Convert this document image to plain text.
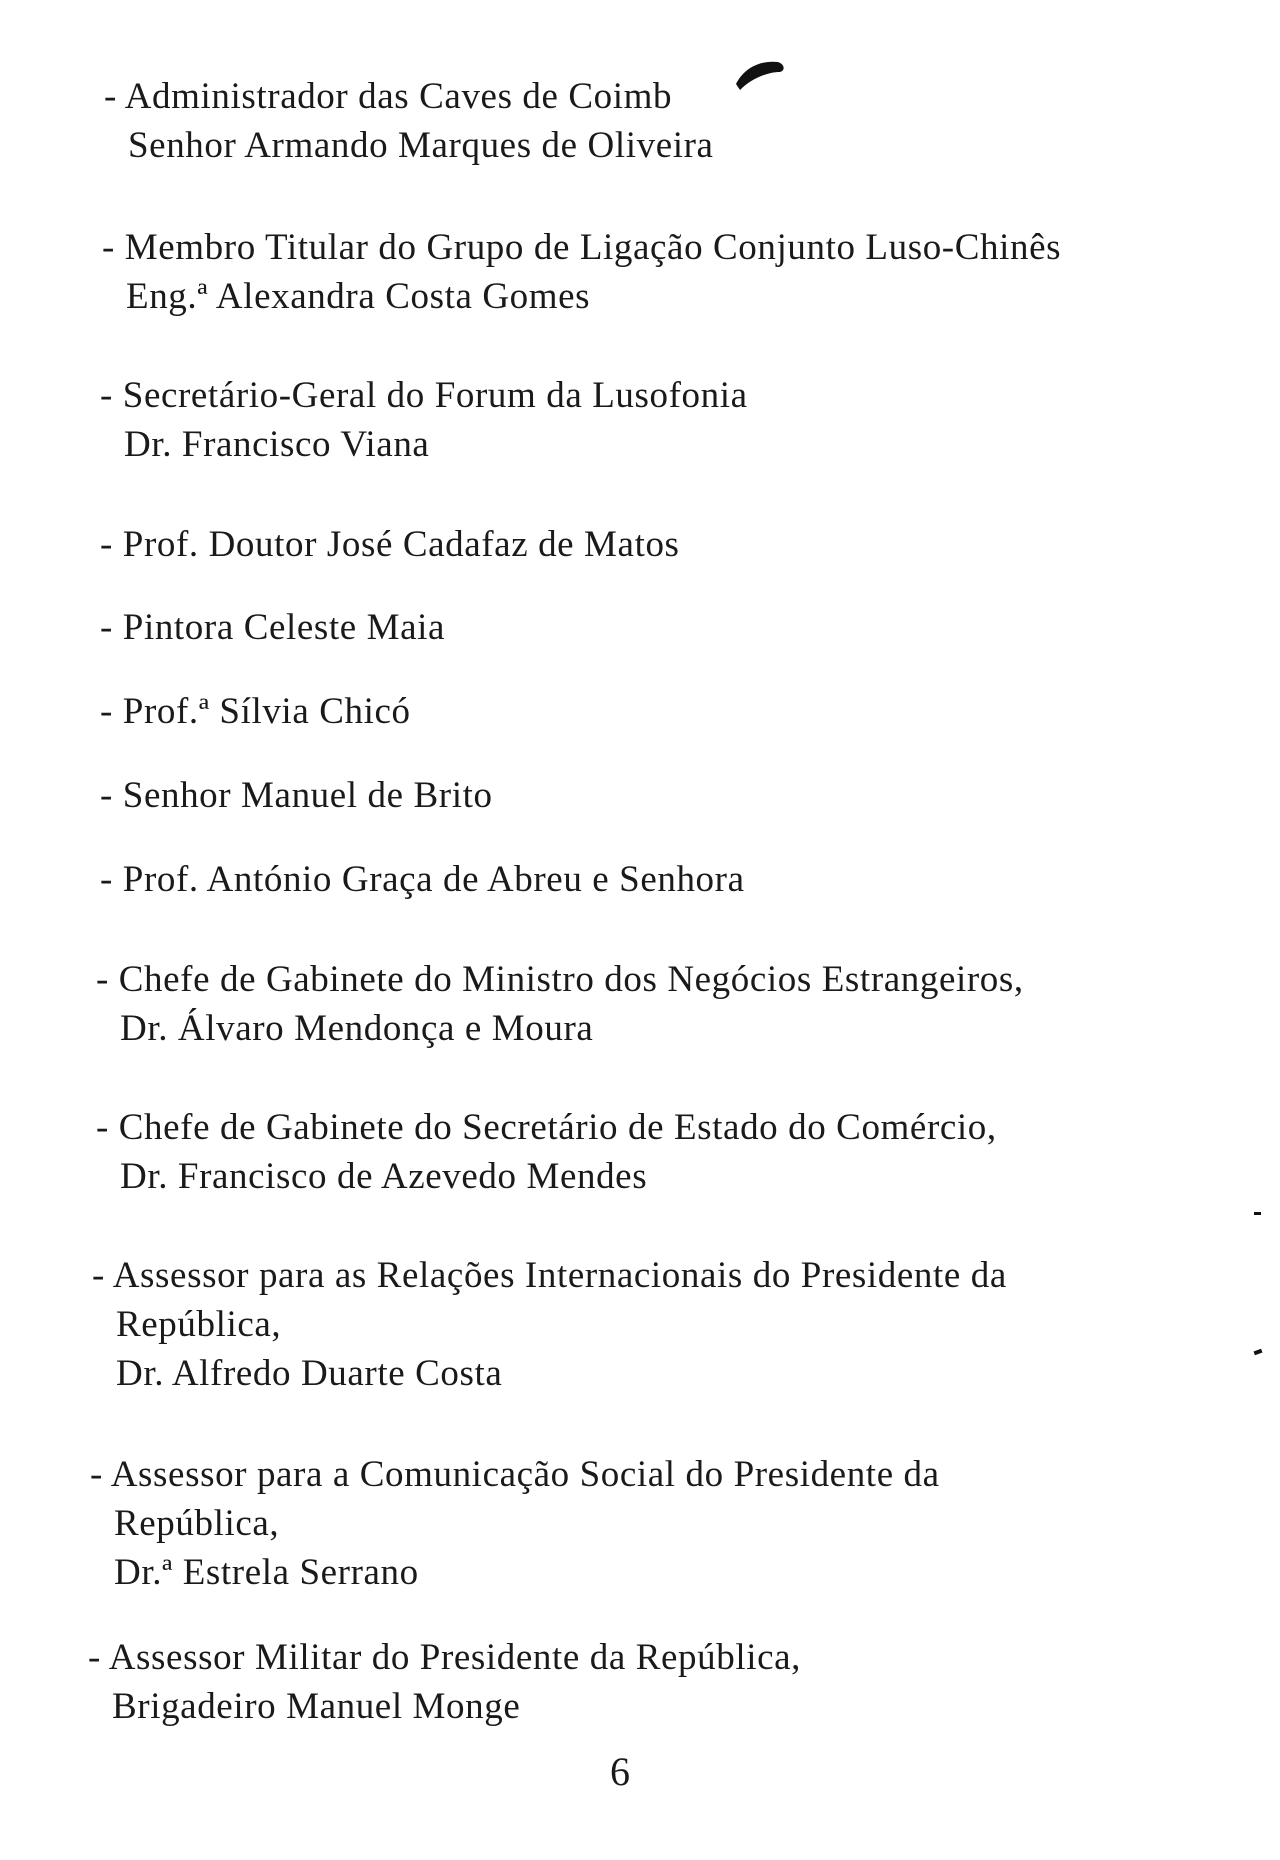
- Administrador das Caves de Coimb
Senhor Armando Marques de Oliveira
- Membro Titular do Grupo de Ligação Conjunto Luso-Chinês
Eng.ª Alexandra Costa Gomes
- Secretário-Geral do Forum da Lusofonia
Dr. Francisco Viana
- Prof. Doutor José Cadafaz de Matos
- Pintora Celeste Maia
- Prof.ª Sílvia Chicó
- Senhor Manuel de Brito
- Prof. António Graça de Abreu e Senhora
- Chefe de Gabinete do Ministro dos Negócios Estrangeiros,
Dr. Álvaro Mendonça e Moura
- Chefe de Gabinete do Secretário de Estado do Comércio,
Dr. Francisco de Azevedo Mendes
- Assessor para as Relações Internacionais do Presidente da
República,
Dr. Alfredo Duarte Costa
- Assessor para a Comunicação Social do Presidente da
República,
Dr.ª Estrela Serrano
- Assessor Militar do Presidente da República,
Brigadeiro Manuel Monge
6
